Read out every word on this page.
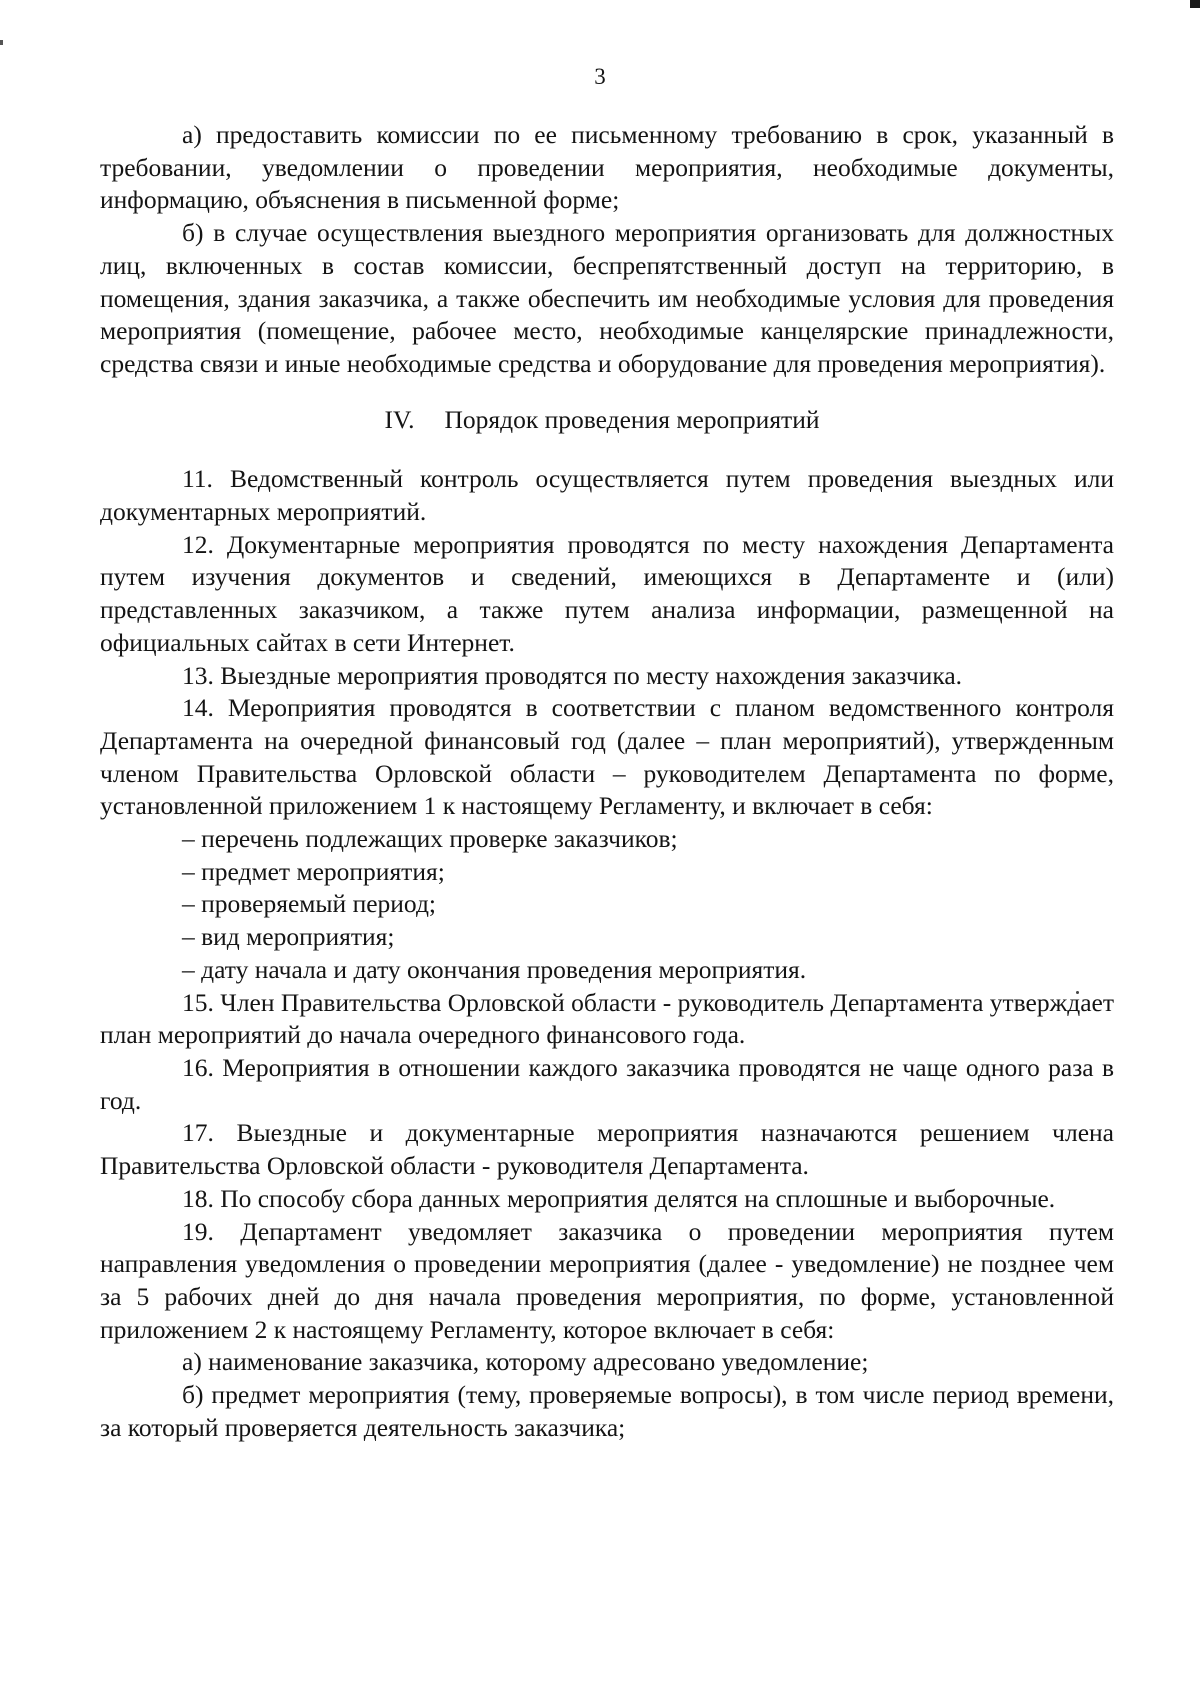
3

а) предоставить комиссии по ее письменному требованию в срок, указанный в требовании, уведомлении о проведении мероприятия, необходимые документы, информацию, объяснения в письменной форме;

б) в случае осуществления выездного мероприятия организовать для должностных лиц, включенных в состав комиссии, беспрепятственный доступ на территорию, в помещения, здания заказчика, а также обеспечить им необходимые условия для проведения мероприятия (помещение, рабочее место, необходимые канцелярские принадлежности, средства связи и иные необходимые средства и оборудование для проведения мероприятия).

IV. Порядок проведения мероприятий

11. Ведомственный контроль осуществляется путем проведения выездных или документарных мероприятий.

12. Документарные мероприятия проводятся по месту нахождения Департамента путем изучения документов и сведений, имеющихся в Департаменте и (или) представленных заказчиком, а также путем анализа информации, размещенной на официальных сайтах в сети Интернет.

13. Выездные мероприятия проводятся по месту нахождения заказчика.

14. Мероприятия проводятся в соответствии с планом ведомственного контроля Департамента на очередной финансовый год (далее – план мероприятий), утвержденным членом Правительства Орловской области – руководителем Департамента по форме, установленной приложением 1 к настоящему Регламенту, и включает в себя:

– перечень подлежащих проверке заказчиков;

– предмет мероприятия;

– проверяемый период;

– вид мероприятия;

– дату начала и дату окончания проведения мероприятия.

15. Член Правительства Орловской области - руководитель Департамента утверждает план мероприятий до начала очередного финансового года.

16. Мероприятия в отношении каждого заказчика проводятся не чаще одного раза в год.

17. Выездные и документарные мероприятия назначаются решением члена Правительства Орловской области - руководителя Департамента.

18. По способу сбора данных мероприятия делятся на сплошные и выборочные.

19. Департамент уведомляет заказчика о проведении мероприятия путем направления уведомления о проведении мероприятия (далее - уведомление) не позднее чем за 5 рабочих дней до дня начала проведения мероприятия, по форме, установленной приложением 2 к настоящему Регламенту, которое включает в себя:

а) наименование заказчика, которому адресовано уведомление;

б) предмет мероприятия (тему, проверяемые вопросы), в том числе период времени, за который проверяется деятельность заказчика;
